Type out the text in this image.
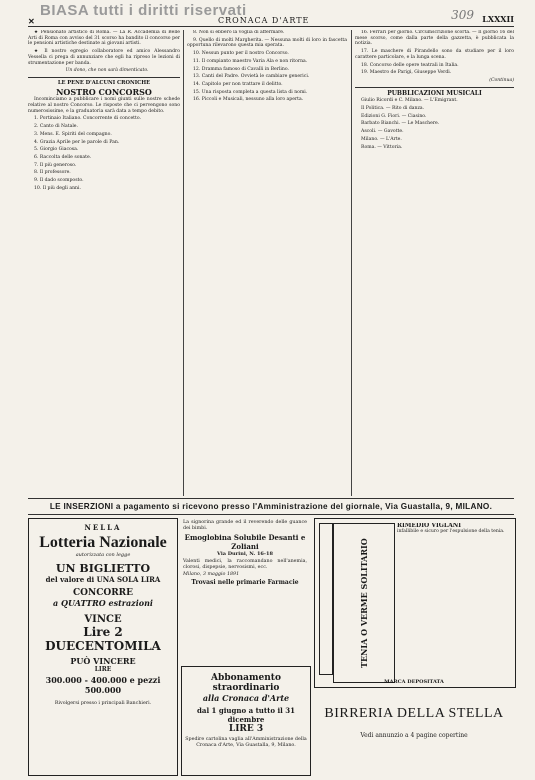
BIASA tutti i diritti riservati
✕	CRONACA D'ARTE	309 LXXXII

★ Pensionato artistico di Roma. — La R. Accademia di Belle Arti di Roma con avviso del 31 scorso ha bandito il concorso per le pensioni artistiche destinate ai giovani artisti.

★ Il nostro egregio collaboratore ed amico Alessandro Vessella ci prega di annunziare che egli ha ripreso le lezioni di strumentazione per banda.

Un dono, che non sarà dimenticato.

LE PENE D'ALCUNI CRONICHE
NOSTRO CONCORSO

Incominciamo a pubblicare i nomi giunti sulle nostre schede relative al nostro Concorso. Le risposte che ci pervengono sono numerosissime, e la graduatoria sarà data a tempo debito.

1. Portinaio Italiano. Concorrente di concetto.

2. Canto di Natale.

3. Mens. E. Spiriti del compagno.

4. Grazia Aprile per le parole di Pan.

5. Giorgio Giacosa.

6. Raccolta delle sonate.

7. Il più generoso.

8. Il professore.

9. Il dado scomposto.

10. Il più degli anni.

8. Non si ebbero la voglia di affermare.

9. Quello di molti Margherita. — Nessuna molti di loro in fascetta opportuna rilevarono questa mia sperata.

10. Nessun punto per il nostro Concorso.

11. Il compianto maestro Varia Ala e non ritorna.

12. Dramma famoso di Cavalli in Berlino.

13. Canti del Padre. Ovvietà le cambiare generici.

14. Capitolo per non trattare il delitto.

15. Una risposta completa a questa lista di nomi.

16. Piccoli e Musicali, nessuno alla loro aperta.

16. Ferrari per giorno. Circumscrizione scorta. — Il giorno 16 del mese scorso, come dalla parte della gazzetta, è pubblicata la notizia.

17. Le maschere di Pirandello sono da studiare per il loro carattere particolare, e la lunga scena.

18. Concorso delle opere teatrali in Italia.

19. Maestro de Parigi, Giuseppe Verdi.

(Continua)
PUBBLICAZIONI MUSICALI

Giulio Ricordi e C. Milano. — L'Emigrant.

Il Politica. — Rito di danza.

Edizioni G. Fiori. — Ciasino.

Barbato Bianchi. — Le Maschere.

Ascoli. — Gavotte.

Milano. — L'Arte.

Roma. — Vittoria.

LE INSERZIONI a pagamento si ricevono presso l'Amministrazione del giornale, Via Guastalla, 9, MILANO.
NELLA
Lotteria Nazionale
autorizzata con legge
UN BIGLIETTO
del valore di UNA SOLA LIRA
CONCORRE
a QUATTRO estrazioni
VINCE
Lire 2 DUECENTOMILA
PUÒ VINCERE
LIRE
300.000 - 400.000 e pezzi 500.000
Rivolgersi presso i principali Banchieri.
La signorina grande ed il reverendo delle guance dei bimbi.
Emoglobina Solubile Desanti e Zoliani
Via Durini, N. 16-18
Valenti medici, la raccomandano nell'anemia, clorosi, dispepsie, nervosismi, ecc.
Milano, 3 maggio 1891
Trovasi nelle primarie Farmacie
Abbonamento straordinario
alla Cronaca d'Arte
dal 1 giugno a tutto il 31 dicembre
LIRE 3
Spedire cartolina vaglia all'Amministrazione della Cronaca d'Arte, Via Guastalla, 9, Milano.
TENIA O VERME SOLITARIO
RIMEDIO VIGLANI
infallibile e sicuro per l'espulsione della tenia.
MARCA DEPOSITATA
BIRRERIA DELLA STELLA
Vedi annunzio a 4 pagine copertine
